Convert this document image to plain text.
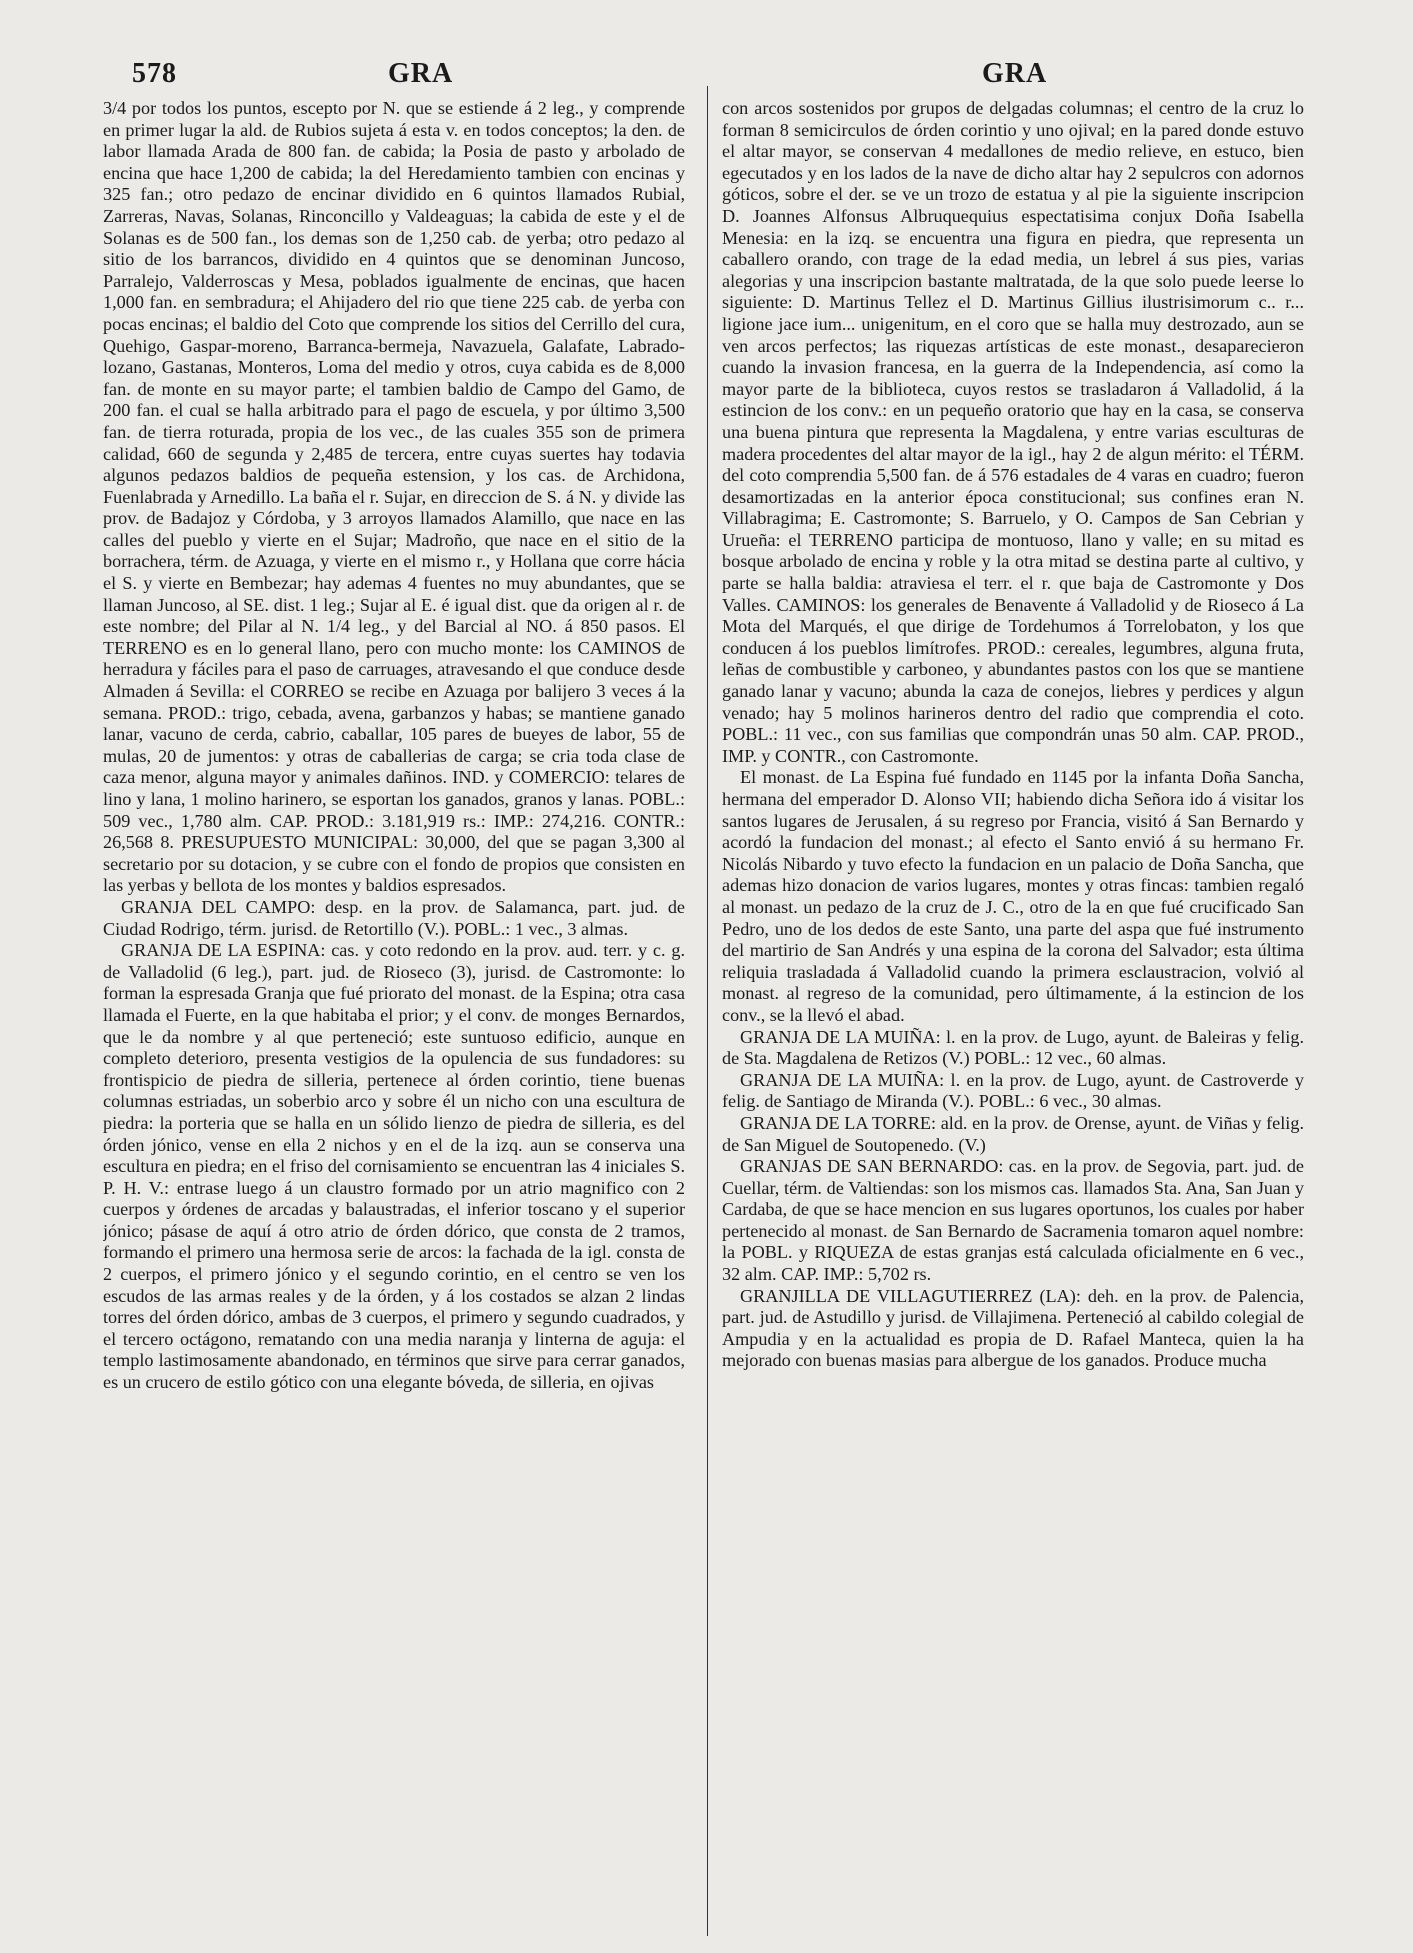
578	GRA	GRA

3/4 por todos los puntos, escepto por N. que se estiende á 2 leg., y comprende en primer lugar la ald. de Rubios sujeta á esta v. en todos conceptos; la den. de labor llamada Arada de 800 fan. de cabida; la Posia de pasto y arbolado de encina que hace 1,200 de cabida; la del Heredamiento tambien con encinas y 325 fan.; otro pedazo de encinar dividido en 6 quintos llamados Rubial, Zarreras, Navas, Solanas, Rinconcillo y Valdeaguas; la cabida de este y el de Solanas es de 500 fan., los demas son de 1,250 cab. de yerba; otro pedazo al sitio de los barrancos, dividido en 4 quintos que se denominan Juncoso, Parralejo, Valderroscas y Mesa, poblados igualmente de encinas, que hacen 1,000 fan. en sembradura; el Ahijadero del rio que tiene 225 cab. de yerba con pocas encinas; el baldio del Coto que comprende los sitios del Cerrillo del cura, Quehigo, Gaspar-moreno, Barranca-bermeja, Navazuela, Galafate, Labrado-lozano, Gastanas, Monteros, Loma del medio y otros, cuya cabida es de 8,000 fan. de monte en su mayor parte; el tambien baldio de Campo del Gamo, de 200 fan. el cual se halla arbitrado para el pago de escuela, y por último 3,500 fan. de tierra roturada, propia de los vec., de las cuales 355 son de primera calidad, 660 de segunda y 2,485 de tercera, entre cuyas suertes hay todavia algunos pedazos baldios de pequeña estension, y los cas. de Archidona, Fuenlabrada y Arnedillo. La baña el r. Sujar, en direccion de S. á N. y divide las prov. de Badajoz y Córdoba, y 3 arroyos llamados Alamillo, que nace en las calles del pueblo y vierte en el Sujar; Madroño, que nace en el sitio de la borrachera, térm. de Azuaga, y vierte en el mismo r., y Hollana que corre hácia el S. y vierte en Bembezar; hay ademas 4 fuentes no muy abundantes, que se llaman Juncoso, al SE. dist. 1 leg.; Sujar al E. é igual dist. que da origen al r. de este nombre; del Pilar al N. 1/4 leg., y del Barcial al NO. á 850 pasos. El TERRENO es en lo general llano, pero con mucho monte: los CAMINOS de herradura y fáciles para el paso de carruages, atravesando el que conduce desde Almaden á Sevilla: el CORREO se recibe en Azuaga por balijero 3 veces á la semana. PROD.: trigo, cebada, avena, garbanzos y habas; se mantiene ganado lanar, vacuno de cerda, cabrio, caballar, 105 pares de bueyes de labor, 55 de mulas, 20 de jumentos: y otras de caballerias de carga; se cria toda clase de caza menor, alguna mayor y animales dañinos. IND. y COMERCIO: telares de lino y lana, 1 molino harinero, se esportan los ganados, granos y lanas. POBL.: 509 vec., 1,780 alm. CAP. PROD.: 3.181,919 rs.: IMP.: 274,216. CONTR.: 26,568 8. PRESUPUESTO MUNICIPAL: 30,000, del que se pagan 3,300 al secretario por su dotacion, y se cubre con el fondo de propios que consisten en las yerbas y bellota de los montes y baldios espresados.

GRANJA DEL CAMPO: desp. en la prov. de Salamanca, part. jud. de Ciudad Rodrigo, térm. jurisd. de Retortillo (V.). POBL.: 1 vec., 3 almas.

GRANJA DE LA ESPINA: cas. y coto redondo en la prov. aud. terr. y c. g. de Valladolid (6 leg.), part. jud. de Rioseco (3), jurisd. de Castromonte: lo forman la espresada Granja que fué priorato del monast. de la Espina; otra casa llamada el Fuerte, en la que habitaba el prior; y el conv. de monges Bernardos, que le da nombre y al que perteneció; este suntuoso edificio, aunque en completo deterioro, presenta vestigios de la opulencia de sus fundadores: su frontispicio de piedra de silleria, pertenece al órden corintio, tiene buenas columnas estriadas, un soberbio arco y sobre él un nicho con una escultura de piedra: la porteria que se halla en un sólido lienzo de piedra de silleria, es del órden jónico, vense en ella 2 nichos y en el de la izq. aun se conserva una escultura en piedra; en el friso del cornisamiento se encuentran las 4 iniciales S. P. H. V.: entrase luego á un claustro formado por un atrio magnifico con 2 cuerpos y órdenes de arcadas y balaustradas, el inferior toscano y el superior jónico; pásase de aquí á otro atrio de órden dórico, que consta de 2 tramos, formando el primero una hermosa serie de arcos: la fachada de la igl. consta de 2 cuerpos, el primero jónico y el segundo corintio, en el centro se ven los escudos de las armas reales y de la órden, y á los costados se alzan 2 lindas torres del órden dórico, ambas de 3 cuerpos, el primero y segundo cuadrados, y el tercero octágono, rematando con una media naranja y linterna de aguja: el templo lastimosamente abandonado, en términos que sirve para cerrar ganados, es un crucero de estilo gótico con una elegante bóveda, de silleria, en ojivas

con arcos sostenidos por grupos de delgadas columnas; el centro de la cruz lo forman 8 semicirculos de órden corintio y uno ojival; en la pared donde estuvo el altar mayor, se conservan 4 medallones de medio relieve, en estuco, bien egecutados y en los lados de la nave de dicho altar hay 2 sepulcros con adornos góticos, sobre el der. se ve un trozo de estatua y al pie la siguiente inscripcion D. Joannes Alfonsus Albruquequius espectatisima conjux Doña Isabella Menesia: en la izq. se encuentra una figura en piedra, que representa un caballero orando, con trage de la edad media, un lebrel á sus pies, varias alegorias y una inscripcion bastante maltratada, de la que solo puede leerse lo siguiente: D. Martinus Tellez el D. Martinus Gillius ilustrisimorum c.. r... ligione jace ium... unigenitum, en el coro que se halla muy destrozado, aun se ven arcos perfectos; las riquezas artísticas de este monast., desaparecieron cuando la invasion francesa, en la guerra de la Independencia, así como la mayor parte de la biblioteca, cuyos restos se trasladaron á Valladolid, á la estincion de los conv.: en un pequeño oratorio que hay en la casa, se conserva una buena pintura que representa la Magdalena, y entre varias esculturas de madera procedentes del altar mayor de la igl., hay 2 de algun mérito: el TÉRM. del coto comprendia 5,500 fan. de á 576 estadales de 4 varas en cuadro; fueron desamortizadas en la anterior época constitucional; sus confines eran N. Villabragima; E. Castromonte; S. Barruelo, y O. Campos de San Cebrian y Urueña: el TERRENO participa de montuoso, llano y valle; en su mitad es bosque arbolado de encina y roble y la otra mitad se destina parte al cultivo, y parte se halla baldia: atraviesa el terr. el r. que baja de Castromonte y Dos Valles. CAMINOS: los generales de Benavente á Valladolid y de Rioseco á La Mota del Marqués, el que dirige de Tordehumos á Torrelobaton, y los que conducen á los pueblos limítrofes. PROD.: cereales, legumbres, alguna fruta, leñas de combustible y carboneo, y abundantes pastos con los que se mantiene ganado lanar y vacuno; abunda la caza de conejos, liebres y perdices y algun venado; hay 5 molinos harineros dentro del radio que comprendia el coto. POBL.: 11 vec., con sus familias que compondrán unas 50 alm. CAP. PROD., IMP. y CONTR., con Castromonte.

El monast. de La Espina fué fundado en 1145 por la infanta Doña Sancha, hermana del emperador D. Alonso VII; habiendo dicha Señora ido á visitar los santos lugares de Jerusalen, á su regreso por Francia, visitó á San Bernardo y acordó la fundacion del monast.; al efecto el Santo envió á su hermano Fr. Nicolás Nibardo y tuvo efecto la fundacion en un palacio de Doña Sancha, que ademas hizo donacion de varios lugares, montes y otras fincas: tambien regaló al monast. un pedazo de la cruz de J. C., otro de la en que fué crucificado San Pedro, uno de los dedos de este Santo, una parte del aspa que fué instrumento del martirio de San Andrés y una espina de la corona del Salvador; esta última reliquia trasladada á Valladolid cuando la primera esclaustracion, volvió al monast. al regreso de la comunidad, pero últimamente, á la estincion de los conv., se la llevó el abad.

GRANJA DE LA MUIÑA: l. en la prov. de Lugo, ayunt. de Baleiras y felig. de Sta. Magdalena de Retizos (V.) POBL.: 12 vec., 60 almas.

GRANJA DE LA MUIÑA: l. en la prov. de Lugo, ayunt. de Castroverde y felig. de Santiago de Miranda (V.). POBL.: 6 vec., 30 almas.

GRANJA DE LA TORRE: ald. en la prov. de Orense, ayunt. de Viñas y felig. de San Miguel de Soutopenedo. (V.)

GRANJAS DE SAN BERNARDO: cas. en la prov. de Segovia, part. jud. de Cuellar, térm. de Valtiendas: son los mismos cas. llamados Sta. Ana, San Juan y Cardaba, de que se hace mencion en sus lugares oportunos, los cuales por haber pertenecido al monast. de San Bernardo de Sacramenia tomaron aquel nombre: la POBL. y RIQUEZA de estas granjas está calculada oficialmente en 6 vec., 32 alm. CAP. IMP.: 5,702 rs.

GRANJILLA DE VILLAGUTIERREZ (LA): deh. en la prov. de Palencia, part. jud. de Astudillo y jurisd. de Villajimena. Perteneció al cabildo colegial de Ampudia y en la actualidad es propia de D. Rafael Manteca, quien la ha mejorado con buenas masias para albergue de los ganados. Produce mucha
